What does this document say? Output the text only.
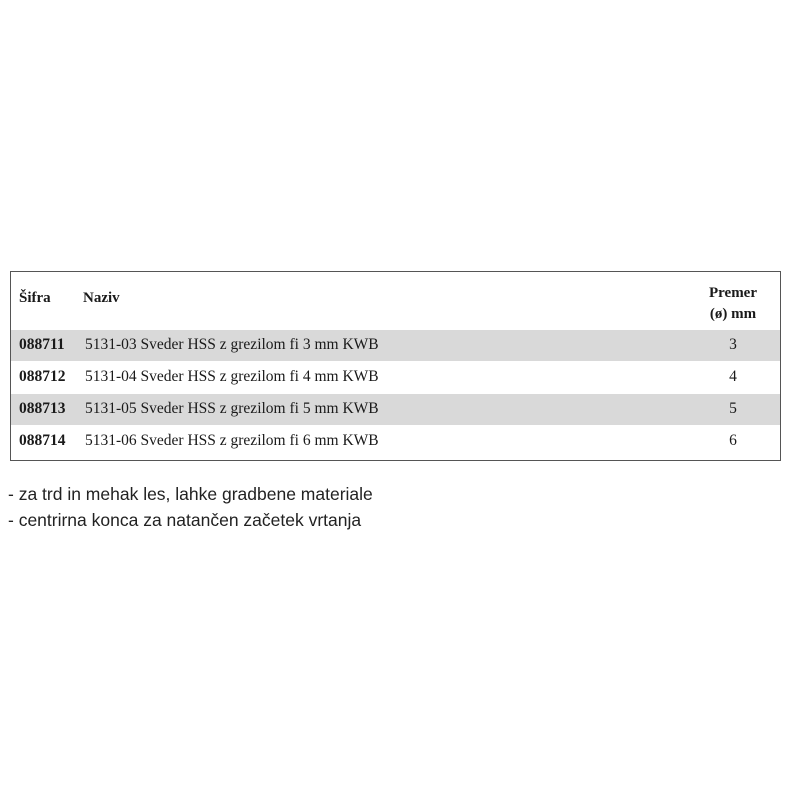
Šifra Naziv	Premer
(ø) mm
088711 5131-03 Sveder HSS z grezilom fi 3 mm KWB	3
088712 5131-04 Sveder HSS z grezilom fi 4 mm KWB	4
088713 5131-05 Sveder HSS z grezilom fi 5 mm KWB	5
088714 5131-06 Sveder HSS z grezilom fi 6 mm KWB	6
- za trd in mehak les, lahke gradbene materiale
- centrirna konca za natančen začetek vrtanja
